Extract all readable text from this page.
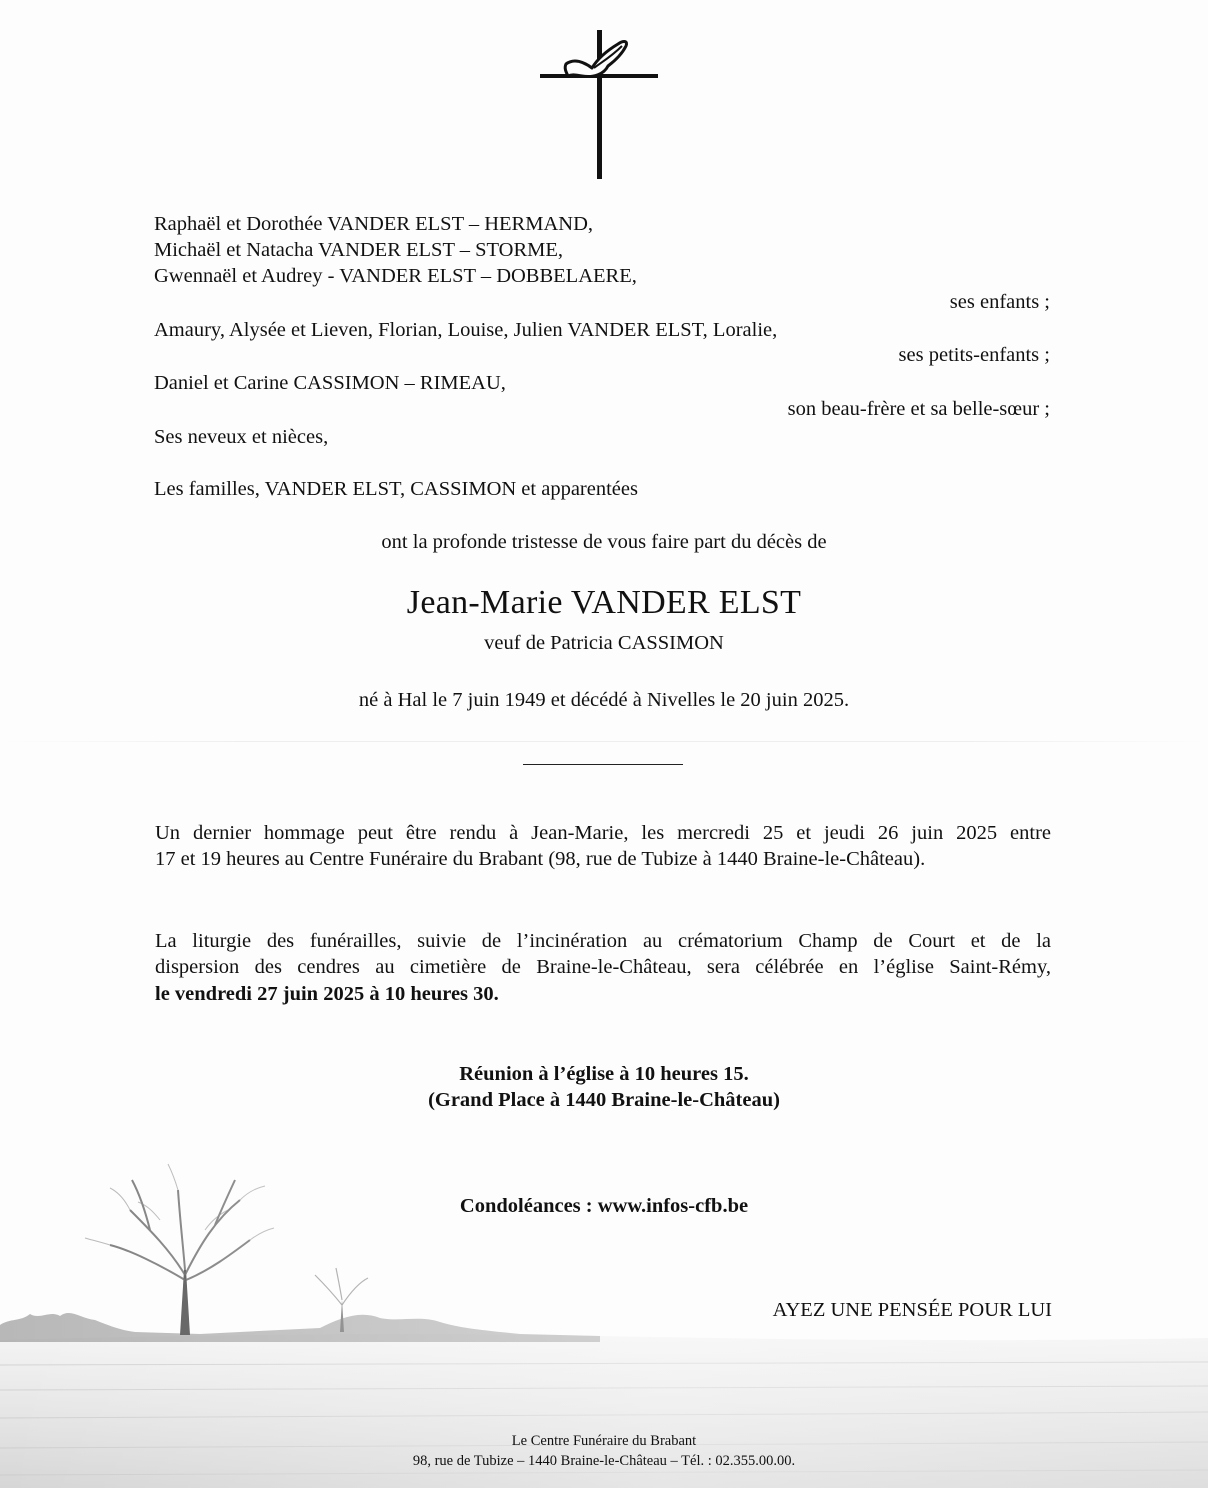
Raphaël et Dorothée VANDER ELST – HERMAND,
Michaël et Natacha VANDER ELST – STORME,
Gwennaël et Audrey - VANDER ELST – DOBBELAERE,
ses enfants ;
Amaury, Alysée et Lieven, Florian, Louise, Julien VANDER ELST, Loralie,
ses petits-enfants ;
Daniel et Carine CASSIMON – RIMEAU,
son beau-frère et sa belle-sœur ;
Ses neveux et nièces,
Les familles, VANDER ELST, CASSIMON et apparentées
ont la profonde tristesse de vous faire part du décès de
Jean-Marie VANDER ELST
veuf de Patricia CASSIMON
né à Hal le 7 juin 1949 et décédé à Nivelles le 20 juin 2025.
Un dernier hommage peut être rendu à Jean-Marie, les mercredi 25 et jeudi 26 juin 2025 entre
17 et 19 heures au Centre Funéraire du Brabant (98, rue de Tubize à 1440 Braine-le-Château).
La liturgie des funérailles, suivie de l’incinération au crématorium Champ de Court et de la
dispersion des cendres au cimetière de Braine-le-Château, sera célébrée en l’église Saint-Rémy,
le vendredi 27 juin 2025 à 10 heures 30.
Réunion à l’église à 10 heures 15.
(Grand Place à 1440 Braine-le-Château)
Condoléances : www.infos-cfb.be
AYEZ UNE PENSÉE POUR LUI
Le Centre Funéraire du Brabant
98, rue de Tubize – 1440 Braine-le-Château – Tél. : 02.355.00.00.
